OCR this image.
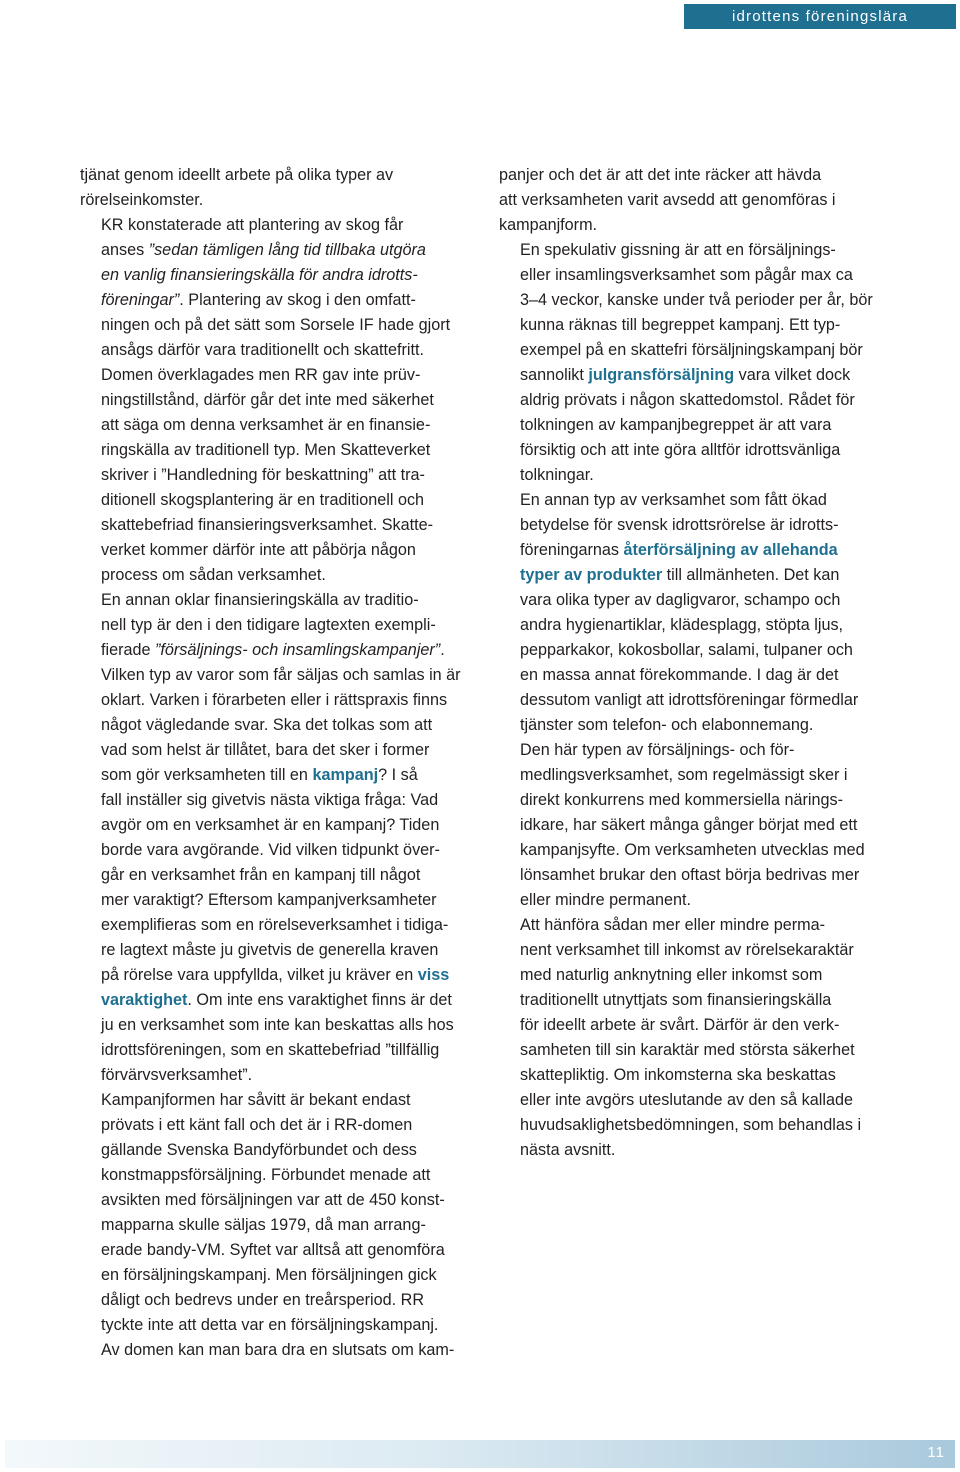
idrottens föreningslära

tjänat genom ideellt arbete på olika typer av
rörelseinkomster.

KR konstaterade att plantering av skog får
anses ”sedan tämligen lång tid tillbaka utgöra
en vanlig finansieringskälla för andra idrotts-
föreningar”. Plantering av skog i den omfatt-
ningen och på det sätt som Sorsele IF hade gjort
ansågs därför vara traditionellt och skattefritt.
Domen överklagades men RR gav inte prüv-
ningstillstånd, därför går det inte med säkerhet
att säga om denna verksamhet är en finansie-
ringskälla av traditionell typ. Men Skatteverket
skriver i ”Handledning för beskattning” att tra-
ditionell skogsplantering är en traditionell och
skattebefriad finansieringsverksamhet. Skatte-
verket kommer därför inte att påbörja någon
process om sådan verksamhet.

En annan oklar finansieringskälla av traditio-
nell typ är den i den tidigare lagtexten exempli-
fierade ”försäljnings- och insamlingskampanjer”.
Vilken typ av varor som får säljas och samlas in är
oklart. Varken i förarbeten eller i rättspraxis finns
något vägledande svar. Ska det tolkas som att
vad som helst är tillåtet, bara det sker i former
som gör verksamheten till en kampanj? I så
fall inställer sig givetvis nästa viktiga fråga: Vad
avgör om en verksamhet är en kampanj? Tiden
borde vara avgörande. Vid vilken tidpunkt över-
går en verksamhet från en kampanj till något
mer varaktigt? Eftersom kampanjverksamheter
exemplifieras som en rörelseverksamhet i tidiga-
re lagtext måste ju givetvis de generella kraven
på rörelse vara uppfyllda, vilket ju kräver en viss
varaktighet. Om inte ens varaktighet finns är det
ju en verksamhet som inte kan beskattas alls hos
idrottsföreningen, som en skattebefriad ”tillfällig
förvärvsverksamhet”.

Kampanjformen har såvitt är bekant endast
prövats i ett känt fall och det är i RR-domen
gällande Svenska Bandyförbundet och dess
konstmappsförsäljning. Förbundet menade att
avsikten med försäljningen var att de 450 konst-
mapparna skulle säljas 1979, då man arrang-
erade bandy-VM. Syftet var alltså att genomföra
en försäljningskampanj. Men försäljningen gick
dåligt och bedrevs under en treårsperiod. RR
tyckte inte att detta var en försäljningskampanj.
Av domen kan man bara dra en slutsats om kam-

panjer och det är att det inte räcker att hävda
att verksamheten varit avsedd att genomföras i
kampanjform.

En spekulativ gissning är att en försäljnings-
eller insamlingsverksamhet som pågår max ca
3–4 veckor, kanske under två perioder per år, bör
kunna räknas till begreppet kampanj. Ett typ-
exempel på en skattefri försäljningskampanj bör
sannolikt julgransförsäljning vara vilket dock
aldrig prövats i någon skattedomstol. Rådet för
tolkningen av kampanjbegreppet är att vara
försiktig och att inte göra alltför idrottsvänliga
tolkningar.

En annan typ av verksamhet som fått ökad
betydelse för svensk idrottsrörelse är idrotts-
föreningarnas återförsäljning av allehanda
typer av produkter till allmänheten. Det kan
vara olika typer av dagligvaror, schampo och
andra hygienartiklar, klädesplagg, stöpta ljus,
pepparkakor, kokosbollar, salami, tulpaner och
en massa annat förekommande. I dag är det
dessutom vanligt att idrottsföreningar förmedlar
tjänster som telefon- och elabonnemang.

Den här typen av försäljnings- och för-
medlingsverksamhet, som regelmässigt sker i
direkt konkurrens med kommersiella närings-
idkare, har säkert många gånger börjat med ett
kampanjsyfte. Om verksamheten utvecklas med
lönsamhet brukar den oftast börja bedrivas mer
eller mindre permanent.

Att hänföra sådan mer eller mindre perma-
nent verksamhet till inkomst av rörelsekaraktär
med naturlig anknytning eller inkomst som
traditionellt utnyttjats som finansieringskälla
för ideellt arbete är svårt. Därför är den verk-
samheten till sin karaktär med största säkerhet
skattepliktig. Om inkomsterna ska beskattas
eller inte avgörs uteslutande av den så kallade
huvudsaklighetsbedömningen, som behandlas i
nästa avsnitt.

11
